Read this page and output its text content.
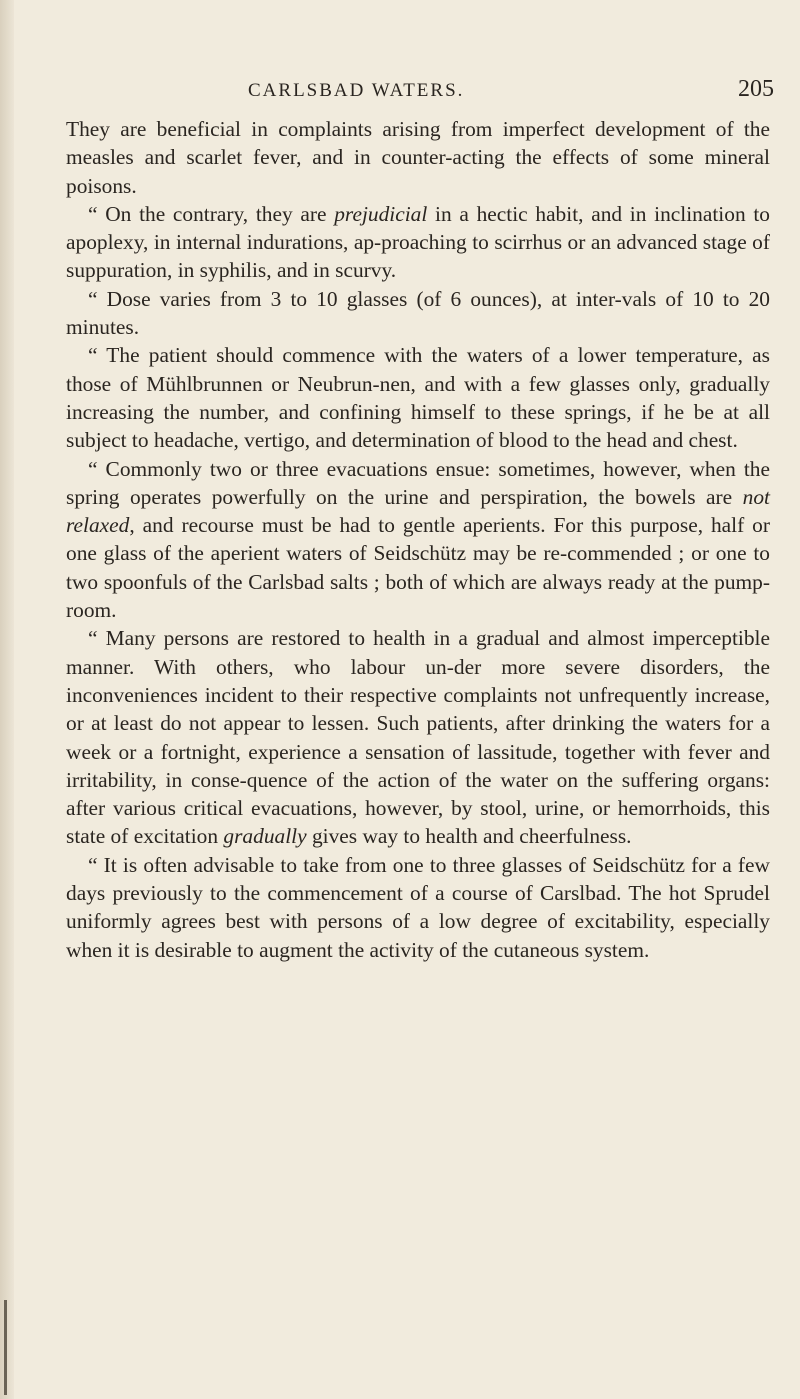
CARLSBAD WATERS.	205

They are beneficial in complaints arising from imperfect development of the measles and scarlet fever, and in counter-acting the effects of some mineral poisons.

“ On the contrary, they are prejudicial in a hectic habit, and in inclination to apoplexy, in internal indurations, ap-proaching to scirrhus or an advanced stage of suppuration, in syphilis, and in scurvy.

“ Dose varies from 3 to 10 glasses (of 6 ounces), at inter-vals of 10 to 20 minutes.

“ The patient should commence with the waters of a lower temperature, as those of Mühlbrunnen or Neubrun-nen, and with a few glasses only, gradually increasing the number, and confining himself to these springs, if he be at all subject to headache, vertigo, and determination of blood to the head and chest.

“ Commonly two or three evacuations ensue: sometimes, however, when the spring operates powerfully on the urine and perspiration, the bowels are not relaxed, and recourse must be had to gentle aperients. For this purpose, half or one glass of the aperient waters of Seidschütz may be re-commended ; or one to two spoonfuls of the Carlsbad salts ; both of which are always ready at the pump-room.

“ Many persons are restored to health in a gradual and almost imperceptible manner. With others, who labour un-der more severe disorders, the inconveniences incident to their respective complaints not unfrequently increase, or at least do not appear to lessen. Such patients, after drinking the waters for a week or a fortnight, experience a sensation of lassitude, together with fever and irritability, in conse-quence of the action of the water on the suffering organs: after various critical evacuations, however, by stool, urine, or hemorrhoids, this state of excitation gradually gives way to health and cheerfulness.

“ It is often advisable to take from one to three glasses of Seidschütz for a few days previously to the commencement of a course of Carslbad. The hot Sprudel uniformly agrees best with persons of a low degree of excitability, especially when it is desirable to augment the activity of the cutaneous system.
